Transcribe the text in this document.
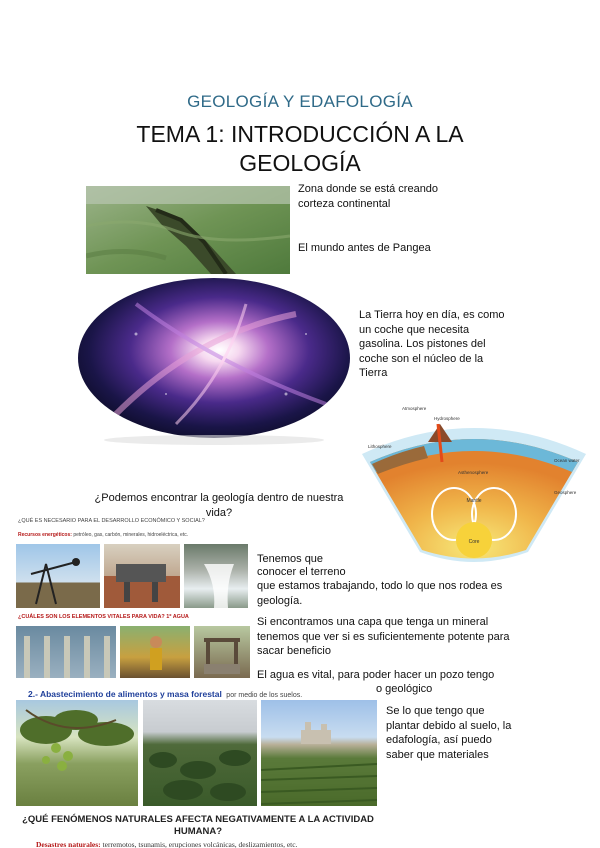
GEOLOGÍA Y EDAFOLOGÍA
TEMA 1: INTRODUCCIÓN A LA
GEOLOGÍA
Zona donde se está creando corteza continental
El mundo antes de Pangea
La Tierra hoy en día, es como un coche que necesita gasolina. Los pistones del coche son el núcleo de la Tierra
Core
Mantle
Atmosphere
Hydrosphere
Lithosphere
Asthenosphere
Ocean water
Geosphere
¿Podemos encontrar la geología dentro de nuestra vida?
¿QUÉ ES NECESARIO PARA EL DESARROLLO ECONÓMICO Y SOCIAL?
Recursos energéticos: petróleo, gas, carbón, minerales, hidroeléctrica, etc.
Tenemos que
conocer el terreno
que estamos trabajando, todo lo que nos rodea es geología.
¿CUÁLES SON LOS ELEMENTOS VITALES PARA VIDA? 1º AGUA	Si encontramos una capa que tenga un mineral tenemos que ver si es suficientemente potente para sacar beneficio
El agua es vital, para poder hacer un pozo tengo
2.- Abastecimiento de alimentos y masa forestal por medio de los suelos.
o geológico
Se lo que tengo que plantar debido al suelo, la edafología, así puedo saber que materiales
¿QUÉ FENÓMENOS NATURALES AFECTA NEGATIVAMENTE A LA ACTIVIDAD
HUMANA?
Desastres naturales: terremotos, tsunamis, erupciones volcánicas, deslizamientos, etc.
